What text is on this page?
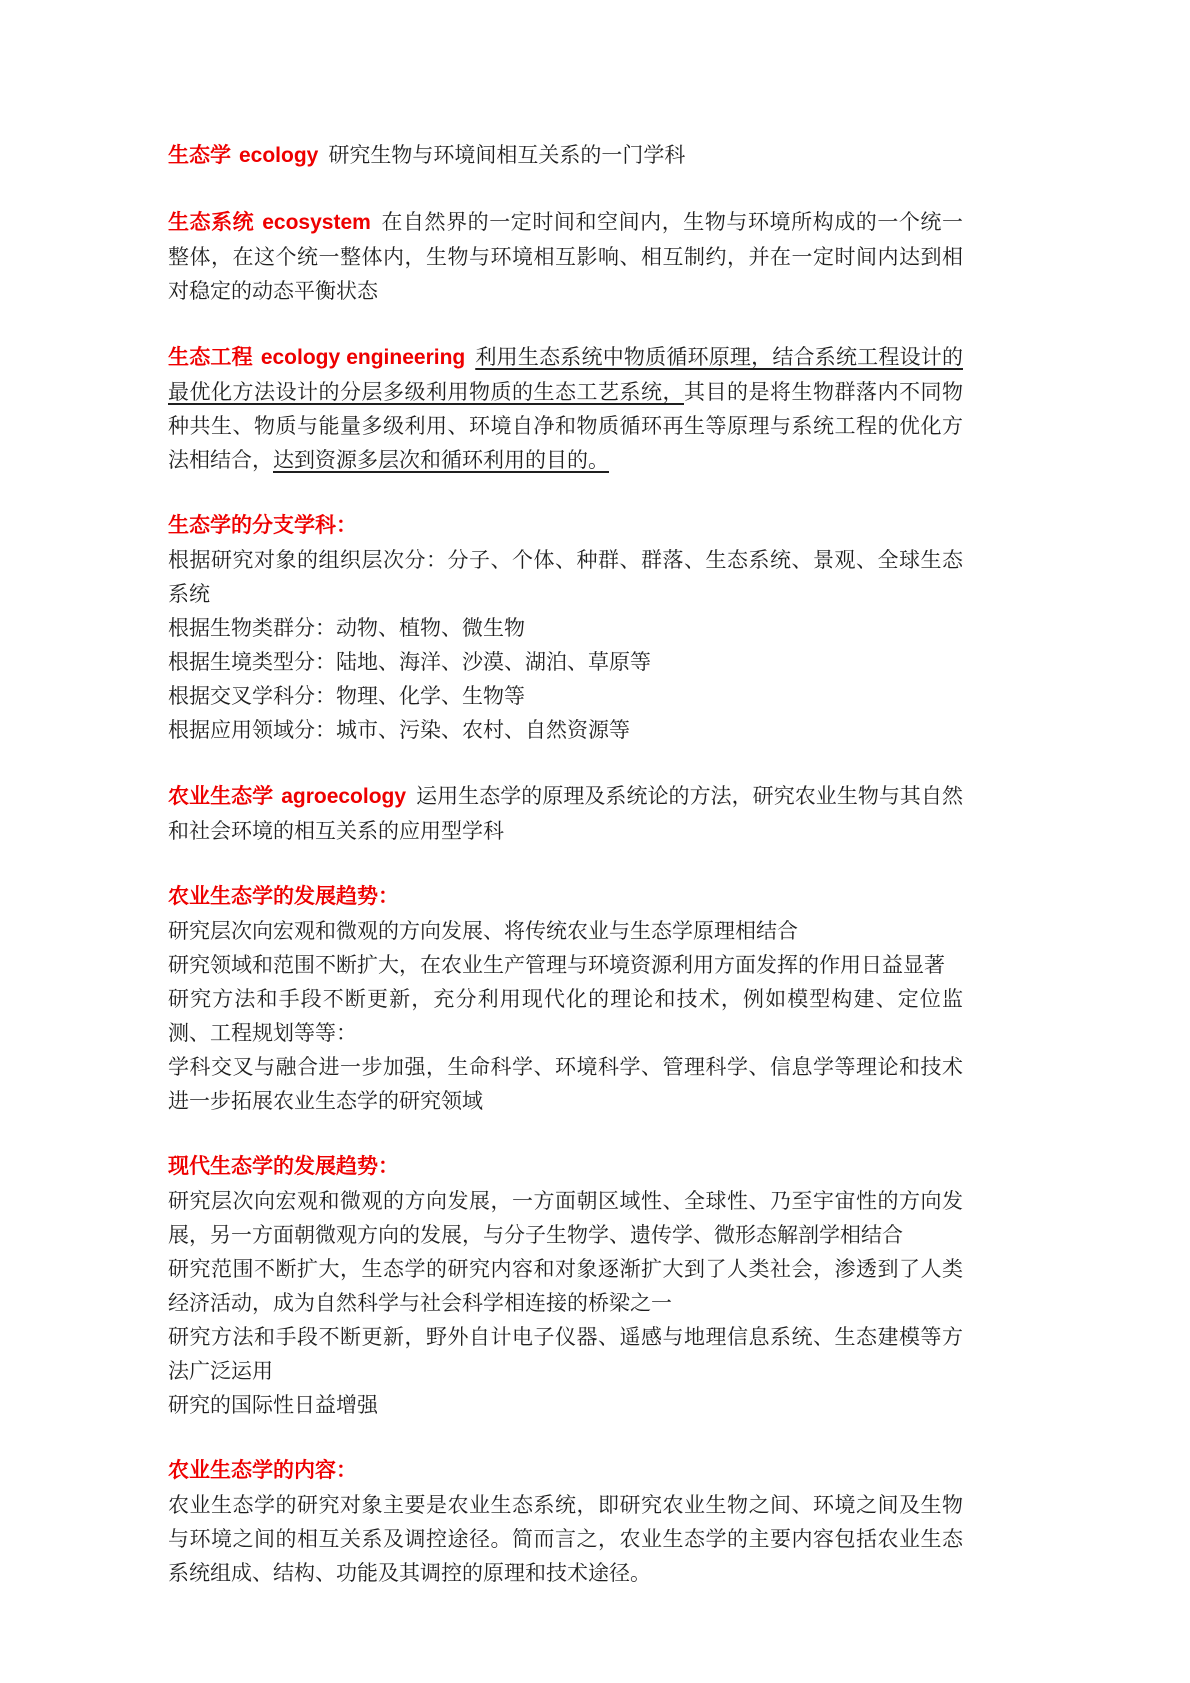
生态学 ecology 研究生物与环境间相互关系的一门学科

生态系统 ecosystem 在自然界的一定时间和空间内，生物与环境所构成的一个统一整体，在这个统一整体内，生物与环境相互影响、相互制约，并在一定时间内达到相对稳定的动态平衡状态

生态工程 ecology engineering 利用生态系统中物质循环原理，结合系统工程设计的最优化方法设计的分层多级利用物质的生态工艺系统，其目的是将生物群落内不同物种共生、物质与能量多级利用、环境自净和物质循环再生等原理与系统工程的优化方法相结合，达到资源多层次和循环利用的目的。

生态学的分支学科：

根据研究对象的组织层次分：分子、个体、种群、群落、生态系统、景观、全球生态系统
根据生物类群分：动物、植物、微生物
根据生境类型分：陆地、海洋、沙漠、湖泊、草原等
根据交叉学科分：物理、化学、生物等
根据应用领域分：城市、污染、农村、自然资源等

农业生态学 agroecology 运用生态学的原理及系统论的方法，研究农业生物与其自然和社会环境的相互关系的应用型学科

农业生态学的发展趋势：

研究层次向宏观和微观的方向发展、将传统农业与生态学原理相结合
研究领域和范围不断扩大，在农业生产管理与环境资源利用方面发挥的作用日益显著
研究方法和手段不断更新，充分利用现代化的理论和技术，例如模型构建、定位监测、工程规划等等：
学科交叉与融合进一步加强，生命科学、环境科学、管理科学、信息学等理论和技术进一步拓展农业生态学的研究领域

现代生态学的发展趋势：

研究层次向宏观和微观的方向发展，一方面朝区域性、全球性、乃至宇宙性的方向发展，另一方面朝微观方向的发展，与分子生物学、遗传学、微形态解剖学相结合
研究范围不断扩大，生态学的研究内容和对象逐渐扩大到了人类社会，渗透到了人类经济活动，成为自然科学与社会科学相连接的桥梁之一
研究方法和手段不断更新，野外自计电子仪器、遥感与地理信息系统、生态建模等方法广泛运用
研究的国际性日益增强

农业生态学的内容：

农业生态学的研究对象主要是农业生态系统，即研究农业生物之间、环境之间及生物与环境之间的相互关系及调控途径。简而言之，农业生态学的主要内容包括农业生态系统组成、结构、功能及其调控的原理和技术途径。
